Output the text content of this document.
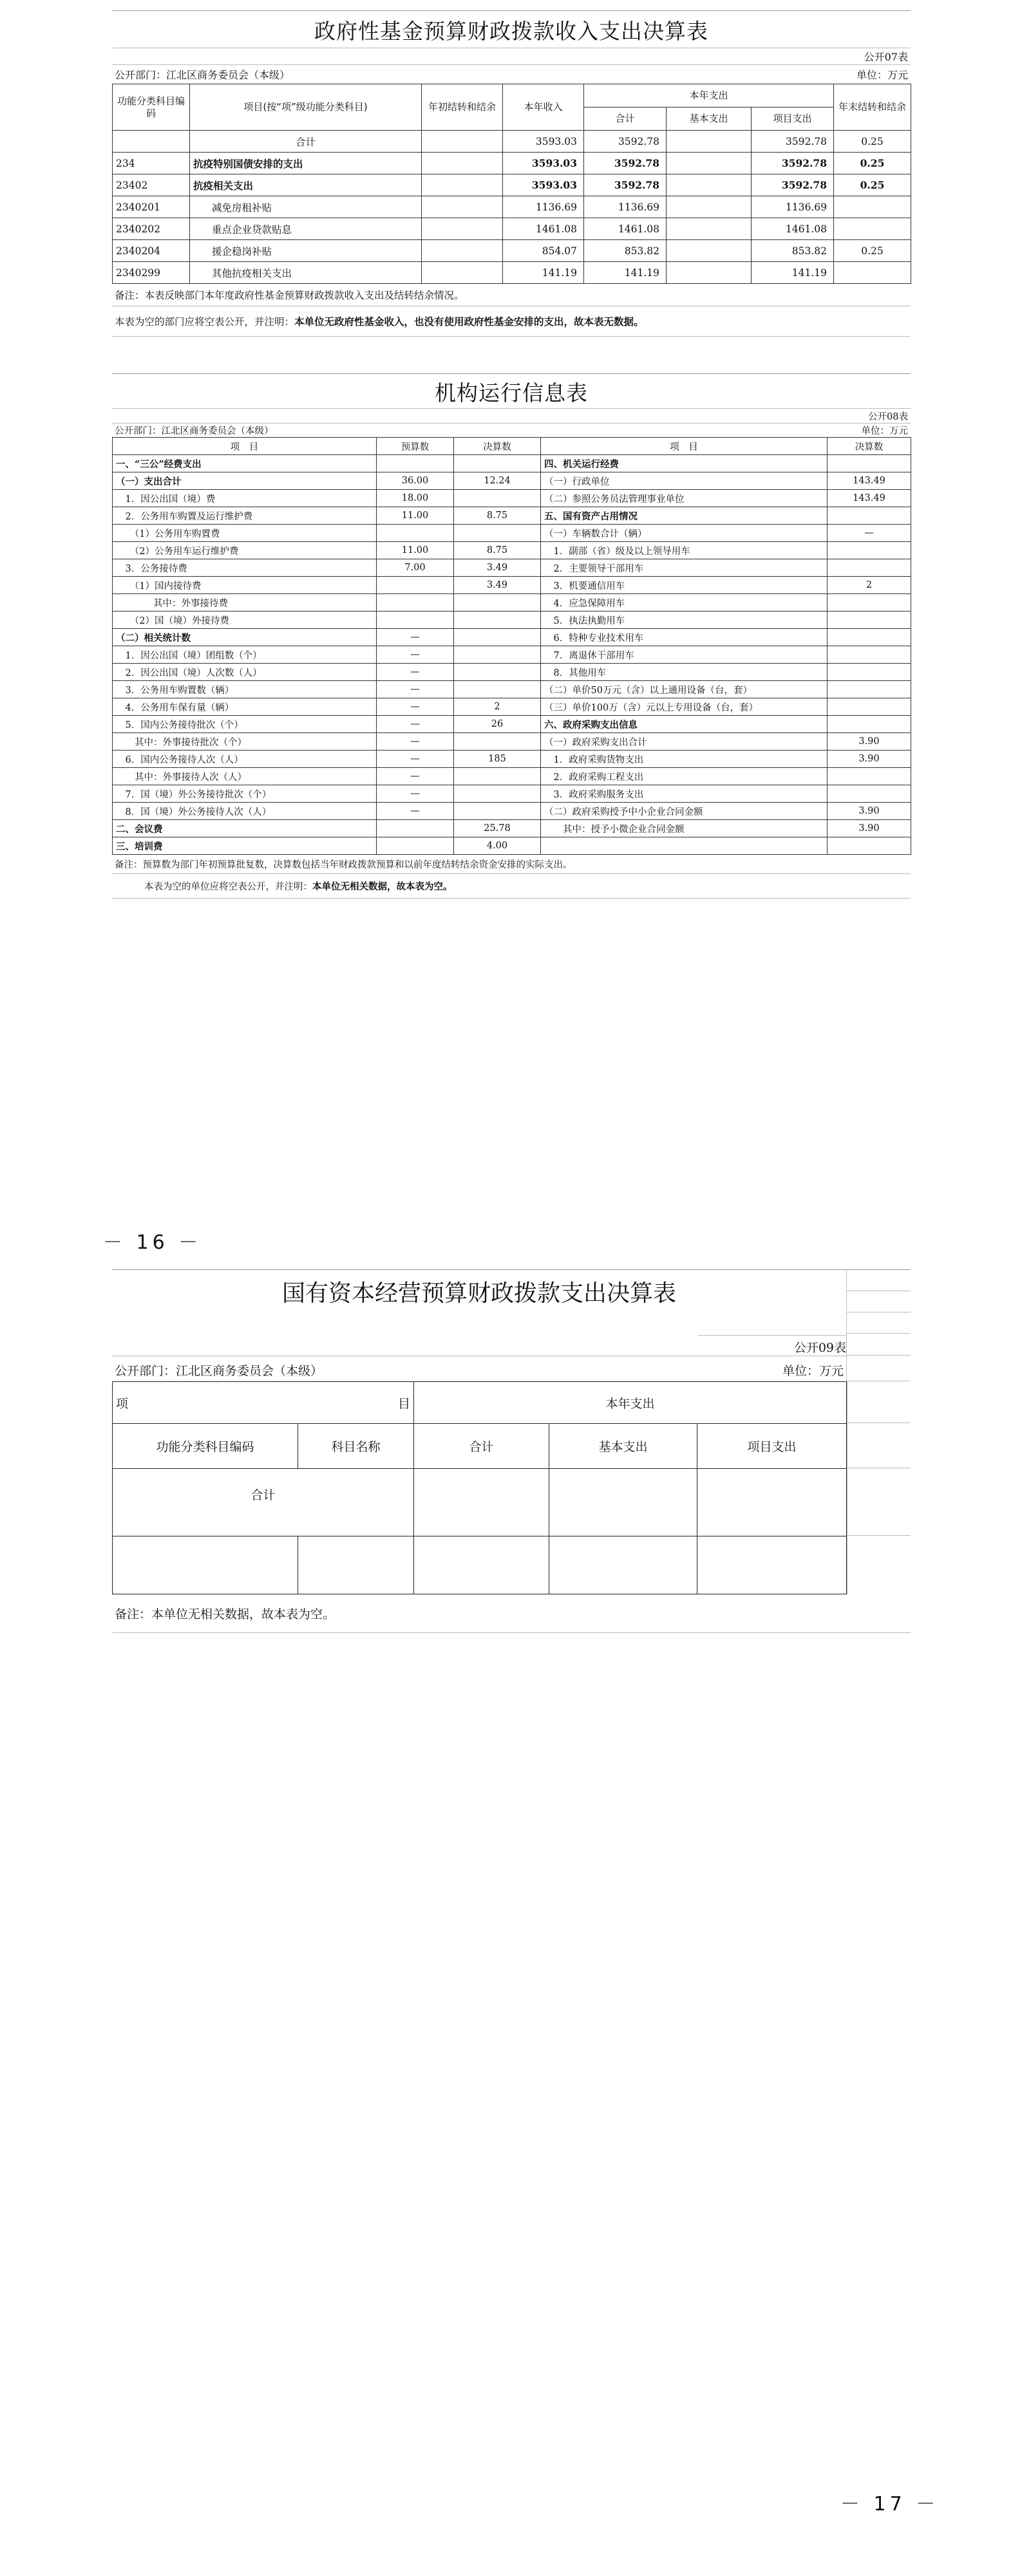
政府性基金预算财政拨款收入支出决算表
公开07表
公开部门：江北区商务委员会（本级）	单位：万元
功能分类科目编码	项目(按“项”级功能分类科目)	年初结转和结余	本年收入	本年支出			年末结转和结余
				合计	基本支出	项目支出	
	合计		3593.03	3592.78		3592.78	0.25
234	抗疫特别国债安排的支出		3593.03	3592.78		3592.78	0.25
23402	抗疫相关支出		3593.03	3592.78		3592.78	0.25
2340201	减免房租补贴		1136.69	1136.69		1136.69	
2340202	重点企业贷款贴息		1461.08	1461.08		1461.08	
2340204	援企稳岗补贴		854.07	853.82		853.82	0.25
2340299	其他抗疫相关支出		141.19	141.19		141.19	
备注：本表反映部门本年度政府性基金预算财政拨款收入支出及结转结余情况。
本表为空的部门应将空表公开，并注明：本单位无政府性基金收入，也没有使用政府性基金安排的支出，故本表无数据。
机构运行信息表
公开08表
公开部门：江北区商务委员会（本级）	单位：万元
项　目	预算数	决算数	项　目	决算数
一、“三公”经费支出			四、机关运行经费	
（一）支出合计	36.00	12.24	（一）行政单位	143.49
　1．因公出国（境）费	18.00		（二）参照公务员法管理事业单位	143.49
　2．公务用车购置及运行维护费	11.00	8.75	五、国有资产占用情况	
　　（1）公务用车购置费			（一）车辆数合计（辆）	—
　　（2）公务用车运行维护费	11.00	8.75	　1．副部（省）级及以上领导用车	
　3．公务接待费	7.00	3.49	　2．主要领导干部用车	
　　（1）国内接待费		3.49	　3．机要通信用车	2
　　　　其中：外事接待费			　4．应急保障用车	
　　（2）国（境）外接待费			　5．执法执勤用车	
（二）相关统计数	—		　6．特种专业技术用车	
　1．因公出国（境）团组数（个）	—		　7．离退休干部用车	
　2．因公出国（境）人次数（人）	—		　8．其他用车	
　3．公务用车购置数（辆）	—		（二）单价50万元（含）以上通用设备（台，套）	
　4．公务用车保有量（辆）	—	2	（三）单价100万（含）元以上专用设备（台，套）	
　5．国内公务接待批次（个）	—	26	六、政府采购支出信息	
　　其中：外事接待批次（个）	—		（一）政府采购支出合计	3.90
　6．国内公务接待人次（人）	—	185	　1．政府采购货物支出	3.90
　　其中：外事接待人次（人）	—		　2．政府采购工程支出	
　7．国（境）外公务接待批次（个）	—		　3．政府采购服务支出	
　8．国（境）外公务接待人次（人）	—		（二）政府采购授予中小企业合同金额	3.90
二、会议费		25.78	　　其中：授予小微企业合同金额	3.90
三、培训费		4.00		
备注：预算数为部门年初预算批复数，决算数包括当年财政拨款预算和以前年度结转结余资金安排的实际支出。
本表为空的单位应将空表公开，并注明：本单位无相关数据，故本表为空。
－ 16 －
国有资本经营预算财政拨款支出决算表
公开09表
公开部门：江北区商务委员会（本级）	单位：万元
项 目		本年支出		
功能分类科目编码	科目名称	合计	基本支出	项目支出
合计				

备注：本单位无相关数据，故本表为空。
－ 17 －
